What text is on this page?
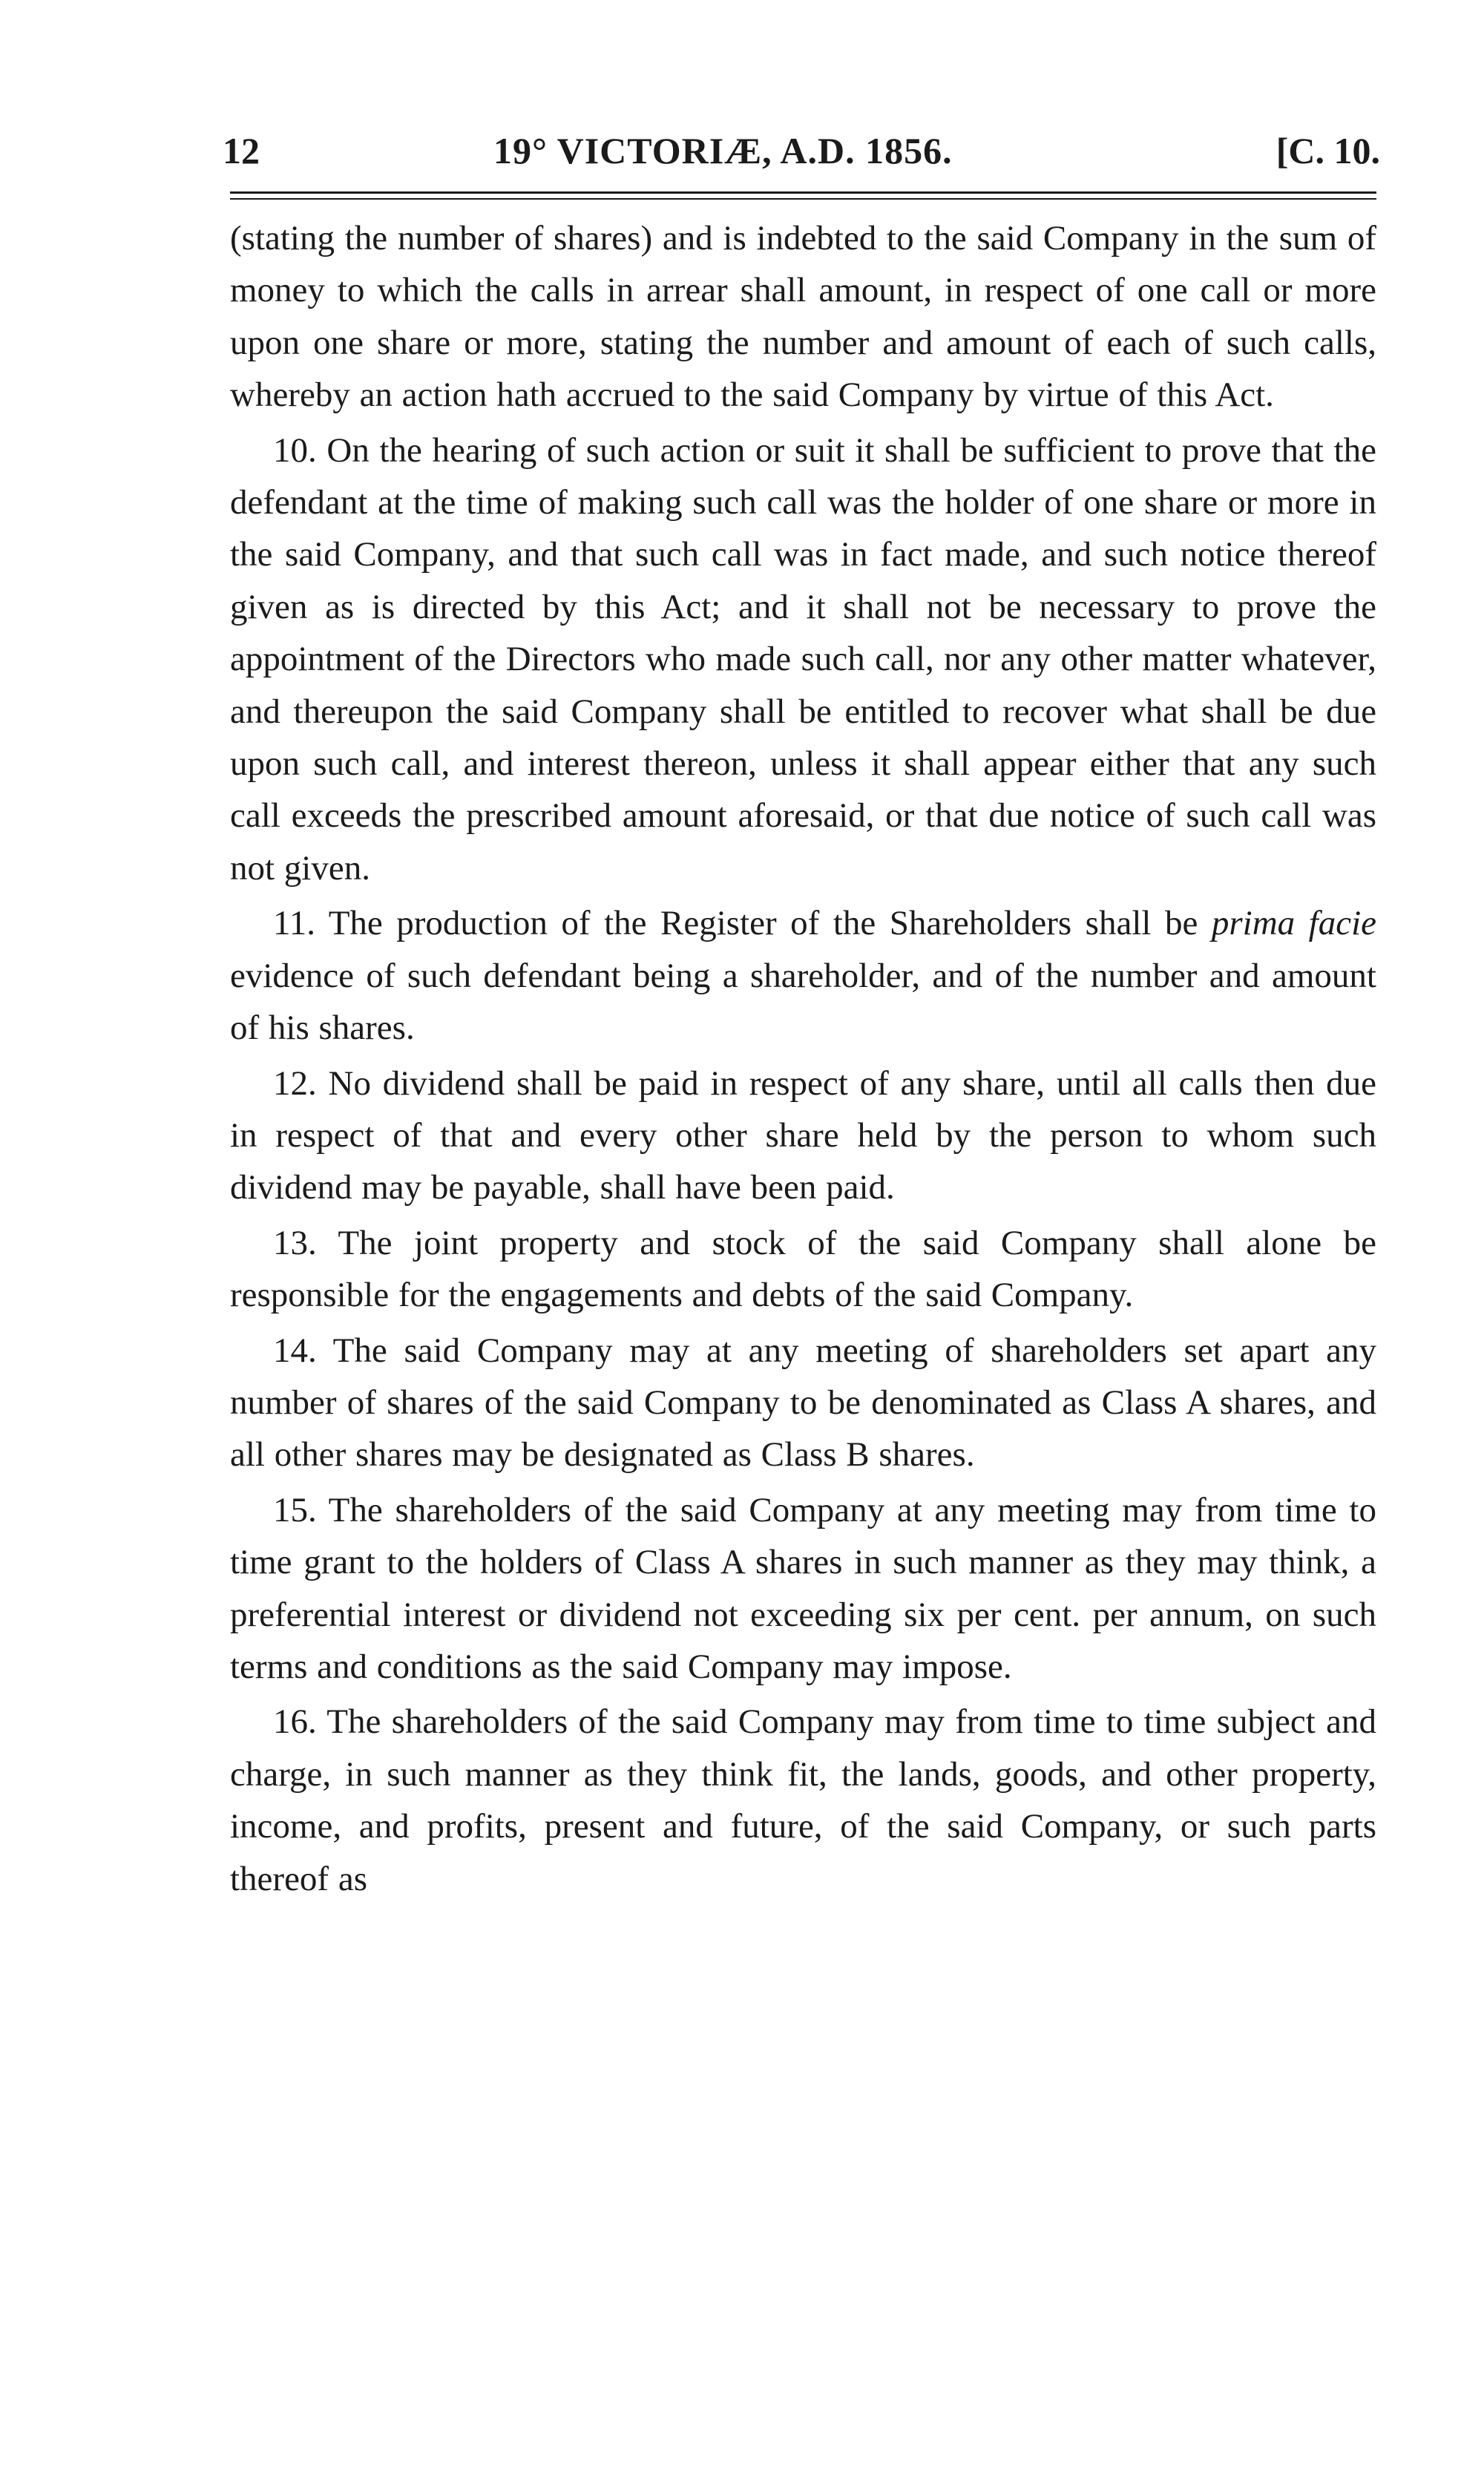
12	19° VICTORIÆ, A.D. 1856.	[C. 10.

(stating the number of shares) and is indebted to the said Company in the sum of money to which the calls in arrear shall amount, in respect of one call or more upon one share or more, stating the number and amount of each of such calls, whereby an action hath accrued to the said Company by virtue of this Act.

10. On the hearing of such action or suit it shall be sufficient to prove that the defendant at the time of making such call was the holder of one share or more in the said Company, and that such call was in fact made, and such notice thereof given as is directed by this Act; and it shall not be necessary to prove the appointment of the Directors who made such call, nor any other matter whatever, and thereupon the said Company shall be entitled to recover what shall be due upon such call, and interest thereon, unless it shall appear either that any such call exceeds the prescribed amount aforesaid, or that due notice of such call was not given.

11. The production of the Register of the Shareholders shall be prima facie evidence of such defendant being a shareholder, and of the number and amount of his shares.

12. No dividend shall be paid in respect of any share, until all calls then due in respect of that and every other share held by the person to whom such dividend may be payable, shall have been paid.

13. The joint property and stock of the said Company shall alone be responsible for the engagements and debts of the said Company.

14. The said Company may at any meeting of shareholders set apart any number of shares of the said Company to be denominated as Class A shares, and all other shares may be designated as Class B shares.

15. The shareholders of the said Company at any meeting may from time to time grant to the holders of Class A shares in such manner as they may think, a preferential interest or dividend not exceeding six per cent. per annum, on such terms and conditions as the said Company may impose.

16. The shareholders of the said Company may from time to time subject and charge, in such manner as they think fit, the lands, goods, and other property, income, and profits, present and future, of the said Company, or such parts thereof as
